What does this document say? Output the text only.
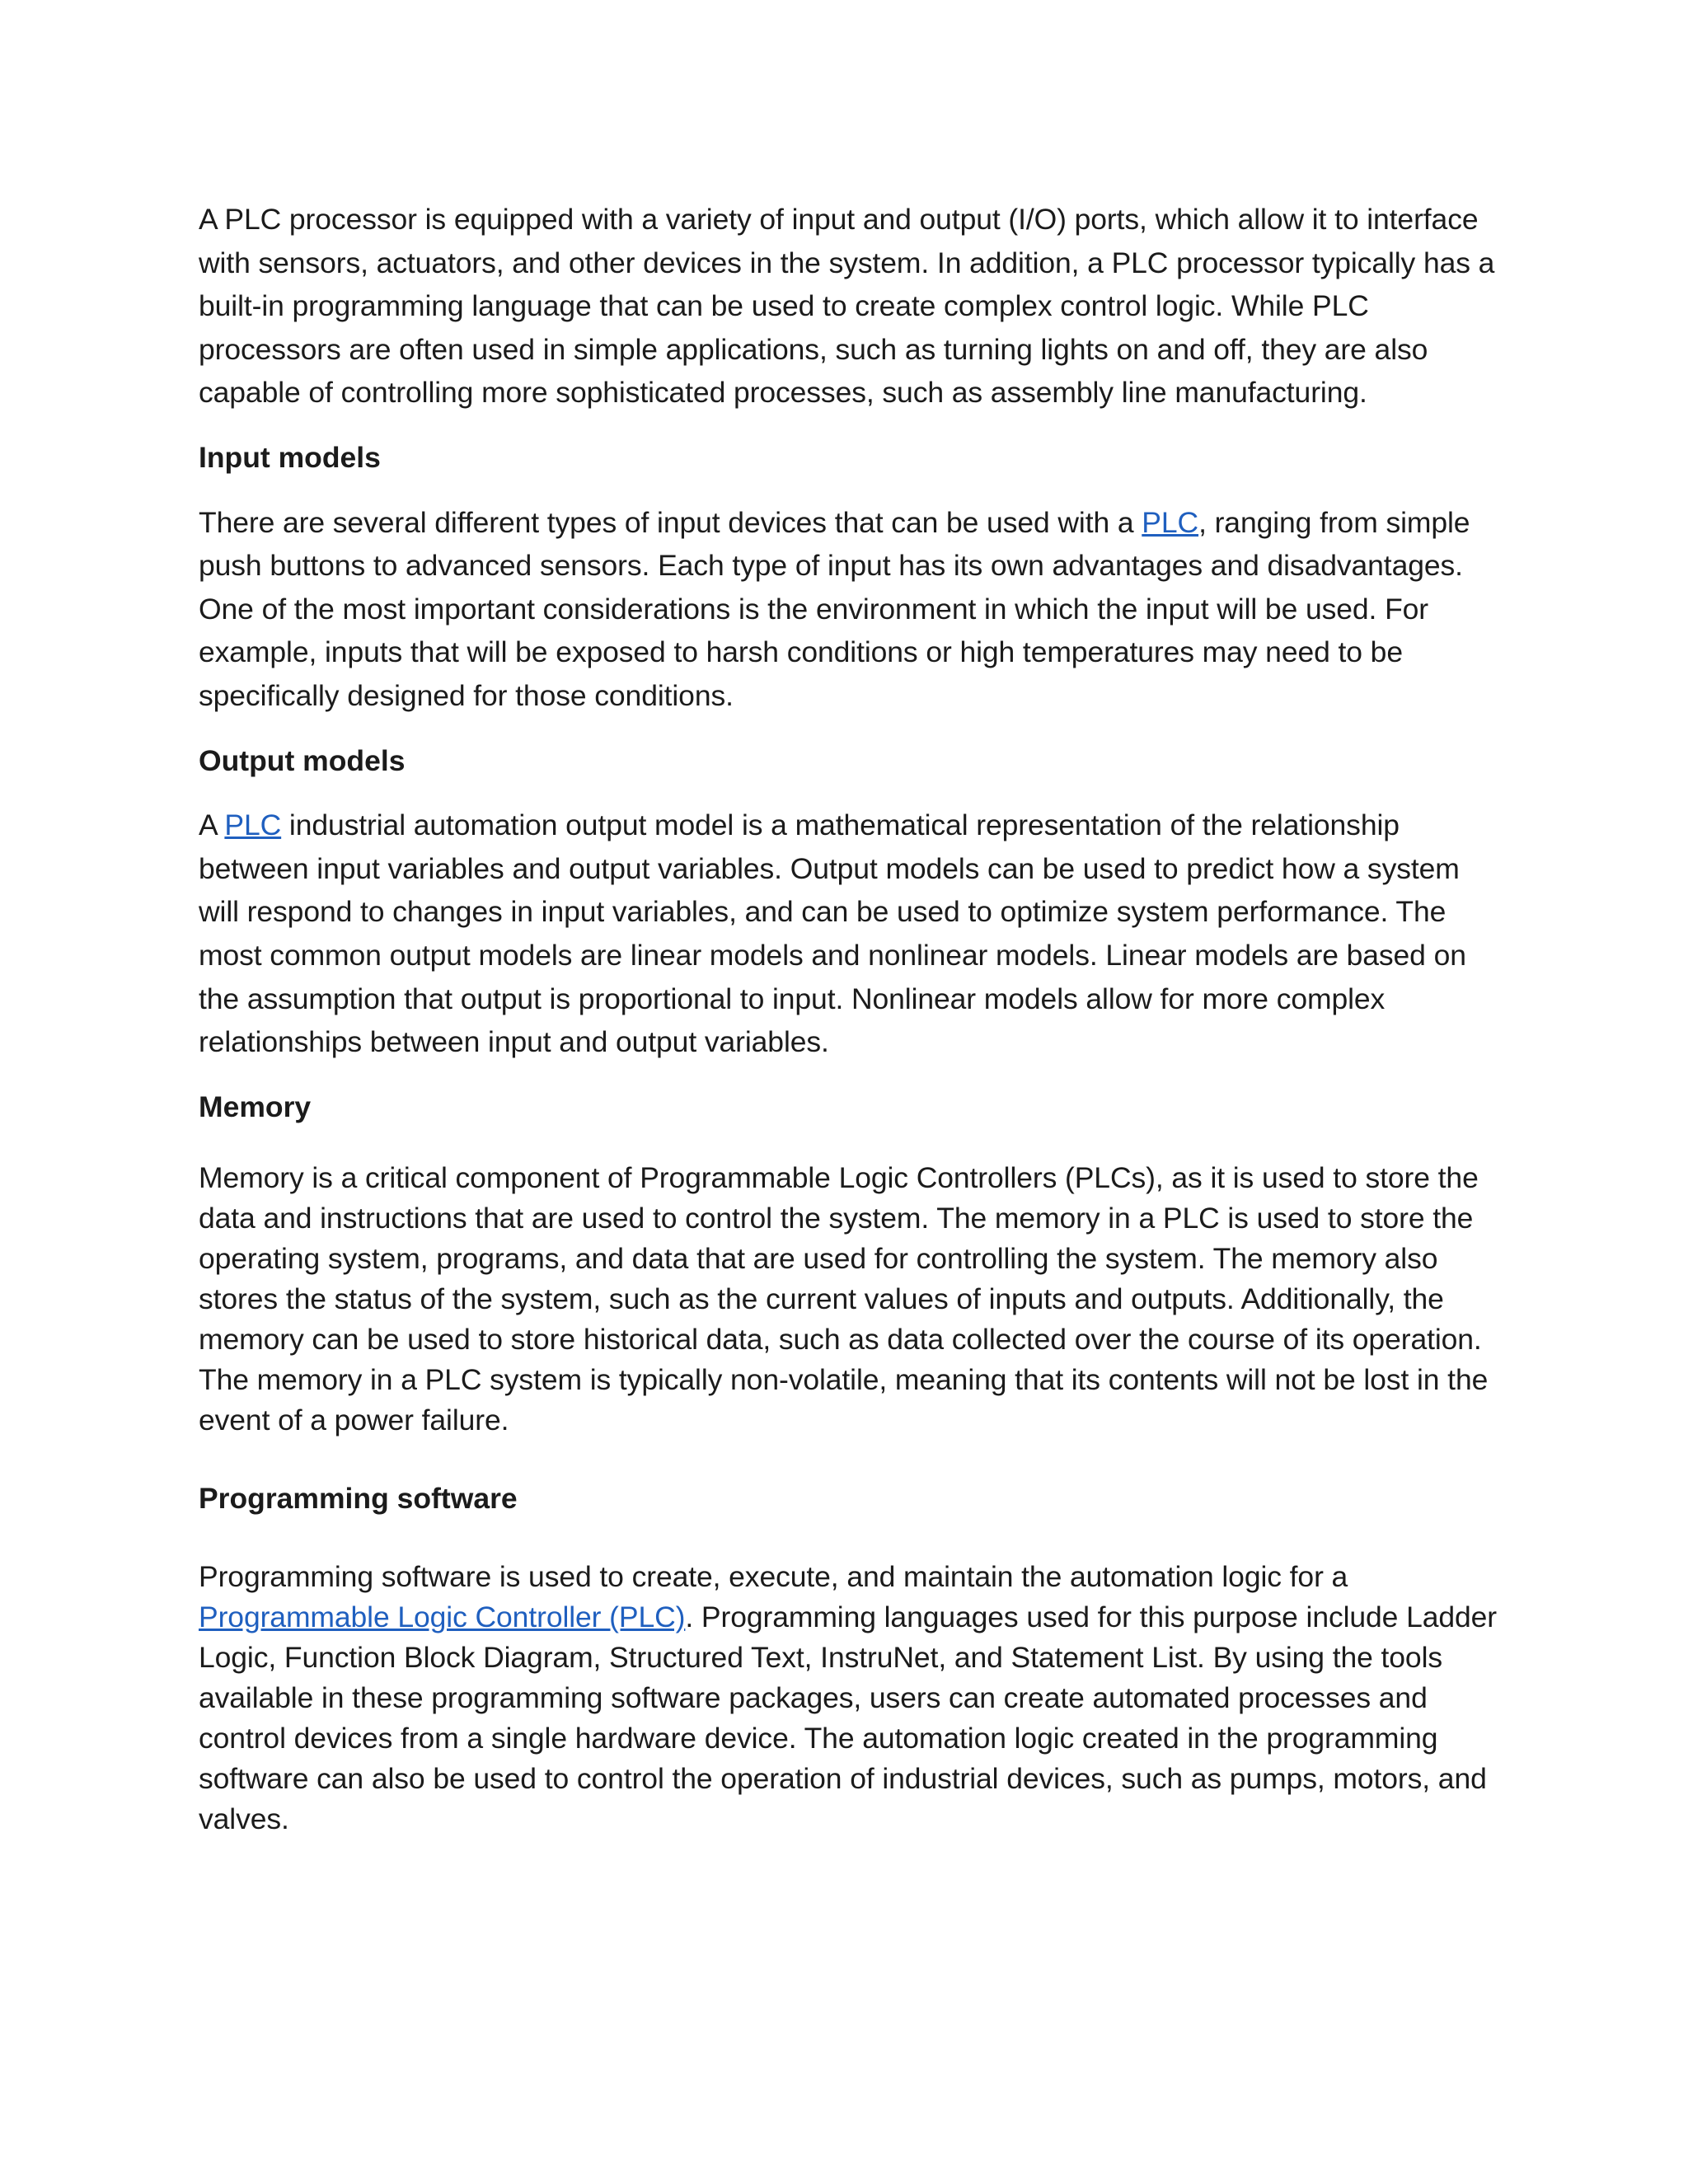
A PLC processor is equipped with a variety of input and output (I/O) ports, which allow it to interface with sensors, actuators, and other devices in the system. In addition, a PLC processor typically has a built-in programming language that can be used to create complex control logic. While PLC processors are often used in simple applications, such as turning lights on and off, they are also capable of controlling more sophisticated processes, such as assembly line manufacturing.

Input models

There are several different types of input devices that can be used with a PLC, ranging from simple push buttons to advanced sensors. Each type of input has its own advantages and disadvantages. One of the most important considerations is the environment in which the input will be used. For example, inputs that will be exposed to harsh conditions or high temperatures may need to be specifically designed for those conditions.

Output models

A PLC industrial automation output model is a mathematical representation of the relationship between input variables and output variables. Output models can be used to predict how a system will respond to changes in input variables, and can be used to optimize system performance. The most common output models are linear models and nonlinear models. Linear models are based on the assumption that output is proportional to input. Nonlinear models allow for more complex relationships between input and output variables.

Memory

Memory is a critical component of Programmable Logic Controllers (PLCs), as it is used to store the data and instructions that are used to control the system. The memory in a PLC is used to store the operating system, programs, and data that are used for controlling the system. The memory also stores the status of the system, such as the current values of inputs and outputs. Additionally, the memory can be used to store historical data, such as data collected over the course of its operation. The memory in a PLC system is typically non-volatile, meaning that its contents will not be lost in the event of a power failure.

Programming software

Programming software is used to create, execute, and maintain the automation logic for a Programmable Logic Controller (PLC). Programming languages used for this purpose include Ladder Logic, Function Block Diagram, Structured Text, InstruNet, and Statement List. By using the tools available in these programming software packages, users can create automated processes and control devices from a single hardware device. The automation logic created in the programming software can also be used to control the operation of industrial devices, such as pumps, motors, and valves.
